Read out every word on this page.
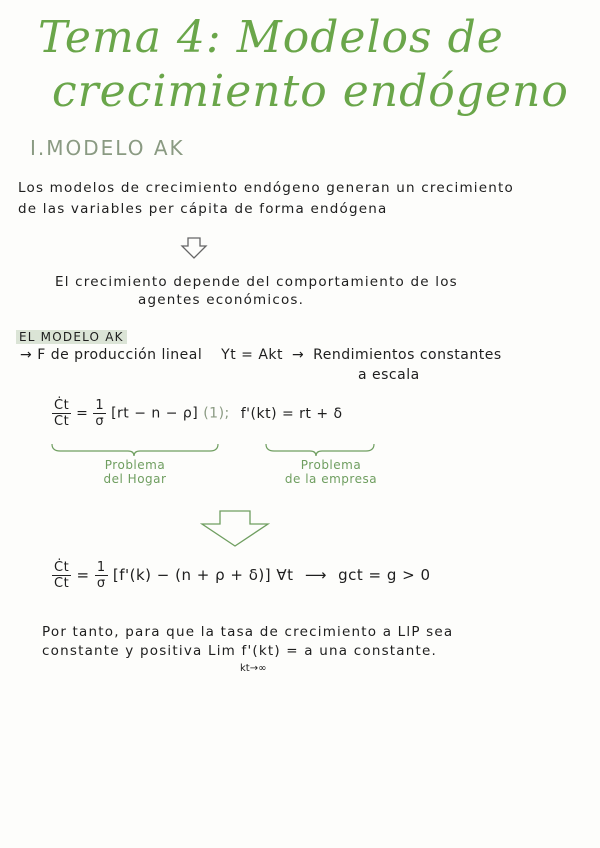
Tema 4: Modelos de
crecimiento endógeno
I.MODELO AK
Los modelos de crecimiento endógeno generan un crecimiento
de las variables per cápita de forma endógena
El crecimiento depende del comportamiento de los
agentes económicos.
EL MODELO AK
→ F de producción lineal Yt = Akt → Rendimientos constantes
a escala
$\frac{Ċt}{Ct} = \frac{1}{\sigma} [rt - n - \rho]$ (1); f'(kt) = rt + δ
Problema
del Hogar
Problema
de la empresa
$\frac{Ċt}{Ct} = \frac{1}{\sigma} [f'(k) - (n + \rho + \delta)]$ ∀t ⟶ gct = g > 0
Por tanto, para que la tasa de crecimiento a LlP sea
constante y positiva Lim f'(kt) = a una constante.
kt→∞
